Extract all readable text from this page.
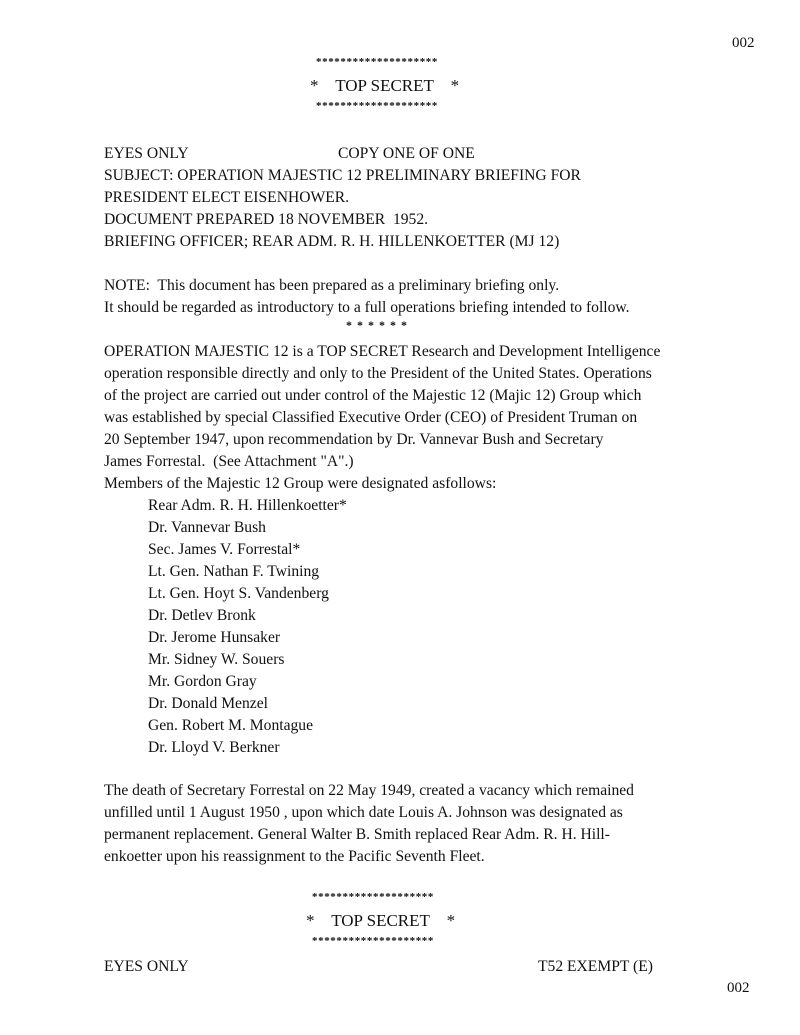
002
********************
*    TOP SECRET    *
********************
EYES ONLY	COPY ONE OF ONE
SUBJECT: OPERATION MAJESTIC 12 PRELIMINARY BRIEFING FOR
PRESIDENT ELECT EISENHOWER.
DOCUMENT PREPARED 18 NOVEMBER  1952.
BRIEFING OFFICER; REAR ADM. R. H. HILLENKOETTER (MJ 12)
NOTE:  This document has been prepared as a preliminary briefing only.
It should be regarded as introductory to a full operations briefing intended to follow.
* * * * * *
OPERATION MAJESTIC 12 is a TOP SECRET Research and Development Intelligence
operation responsible directly and only to the President of the United States. Operations
of the project are carried out under control of the Majestic 12 (Majic 12) Group which
was established by special Classified Executive Order (CEO) of President Truman on
20 September 1947, upon recommendation by Dr. Vannevar Bush and Secretary
James Forrestal.  (See Attachment "A".)
Members of the Majestic 12 Group were designated asfollows:
Rear Adm. R. H. Hillenkoetter*
Dr. Vannevar Bush
Sec. James V. Forrestal*
Lt. Gen. Nathan F. Twining
Lt. Gen. Hoyt S. Vandenberg
Dr. Detlev Bronk
Dr. Jerome Hunsaker
Mr. Sidney W. Souers
Mr. Gordon Gray
Dr. Donald Menzel
Gen. Robert M. Montague
Dr. Lloyd V. Berkner
The death of Secretary Forrestal on 22 May 1949, created a vacancy which remained
unfilled until 1 August 1950 , upon which date Louis A. Johnson was designated as
permanent replacement. General Walter B. Smith replaced Rear Adm. R. H. Hill-
enkoetter upon his reassignment to the Pacific Seventh Fleet.
********************
*    TOP SECRET    *
********************
EYES ONLY	T52 EXEMPT (E)
002
